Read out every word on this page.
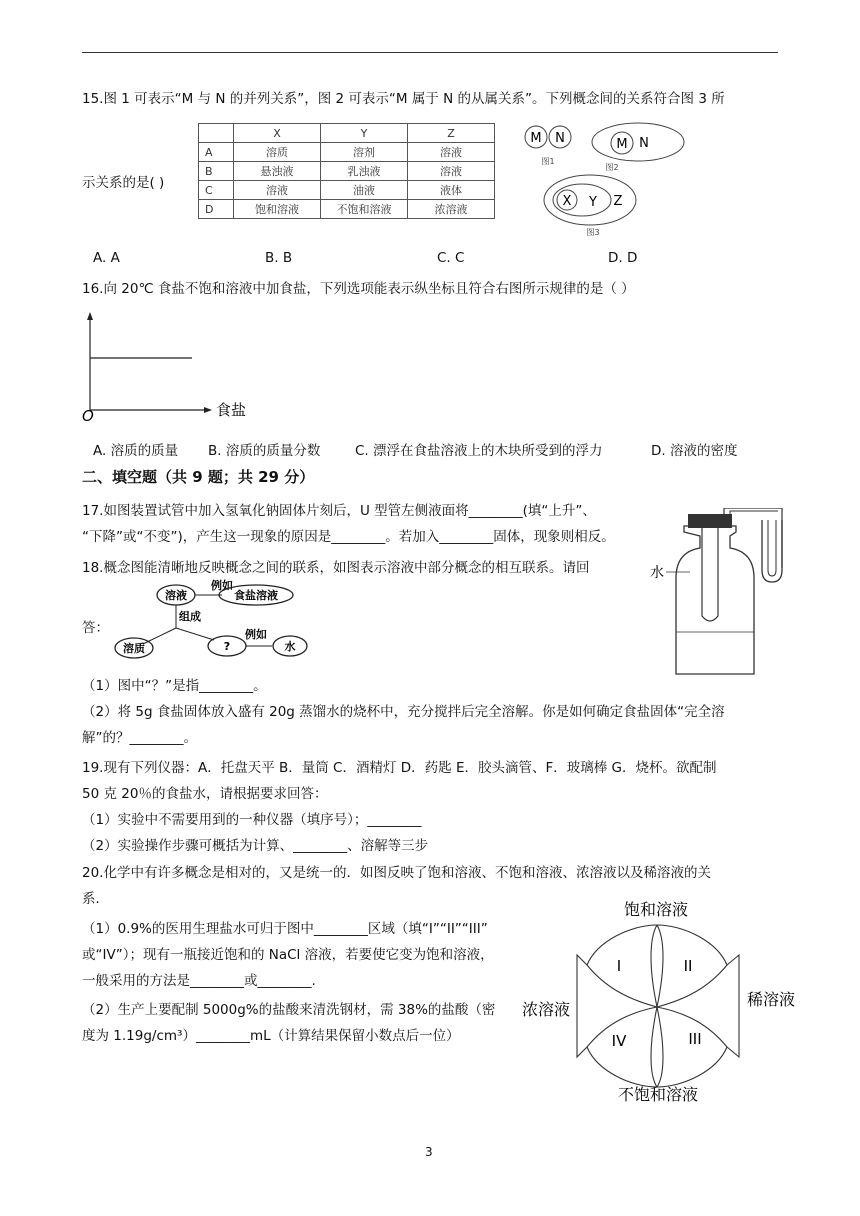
15.图 1 可表示“M 与 N 的并列关系”，图 2 可表示“M 属于 N 的从属关系”。下列概念间的关系符合图 3 所
示关系的是( )
	X	Y	Z
A	溶质	溶剂	溶液
B	悬浊液	乳浊液	溶液
C	溶液	油液	液体
D	饱和溶液	不饱和溶液	浓溶液
M N
图1
M N
图2
X Y Z
图3
A. A	B. B	C. C	D. D
16.向 20℃ 食盐不饱和溶液中加食盐，下列选项能表示纵坐标且符合右图所示规律的是（ ）
O	食盐
A. 溶质的质量 B. 溶质的质量分数	C. 漂浮在食盐溶液上的木块所受到的浮力	D. 溶液的密度
二、填空题（共 9 题；共 29 分）
17.如图装置试管中加入氢氧化钠固体片刻后，U 型管左侧液面将________(填“上升”、
“下降”或“不变”)，产生这一现象的原因是________。若加入________固体，现象则相反。
水
18.概念图能清晰地反映概念之间的联系，如图表示溶液中部分概念的相互联系。请回
答：
溶液
例如
食盐溶液
组成
溶质	?
例如
水
（1）图中“？”是指________。
（2）将 5g 食盐固体放入盛有 20g 蒸馏水的烧杯中，充分搅拌后完全溶解。你是如何确定食盐固体“完全溶
解”的？________。
19.现有下列仪器：A．托盘天平 B．量筒 C．酒精灯 D．药匙 E．胶头滴管、F．玻璃棒 G．烧杯。欲配制
50 克 20％的食盐水，请根据要求回答：
（1）实验中不需要用到的一种仪器（填序号）；________
（2）实验操作步骤可概括为计算、________、溶解等三步
20.化学中有许多概念是相对的，又是统一的．如图反映了饱和溶液、不饱和溶液、浓溶液以及稀溶液的关
系．
（1）0.9%的医用生理盐水可归于图中________区域（填“I”“II”“III”
或“IV”）；现有一瓶接近饱和的 NaCl 溶液，若要使它变为饱和溶液，
一般采用的方法是________或________.
（2）生产上要配制 5000g%的盐酸来清洗钢材，需 38%的盐酸（密
度为 1.19g/cm³）________mL（计算结果保留小数点后一位）
饱和溶液
稀溶液
浓溶液
不饱和溶液
I	II
III
IV
3
